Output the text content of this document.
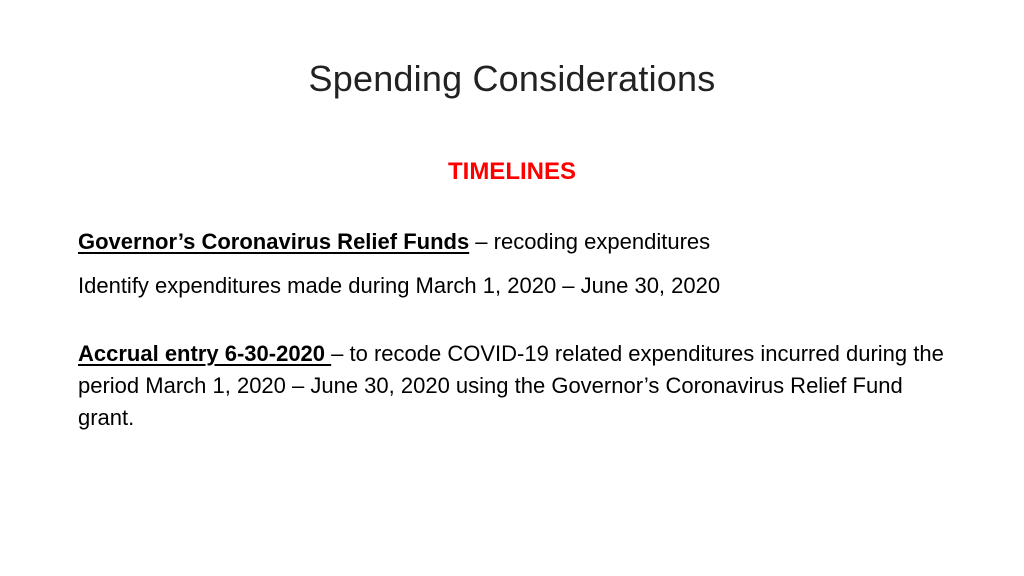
Spending Considerations
TIMELINES

Governor’s Coronavirus Relief Funds – recoding expenditures

Identify expenditures made during March 1, 2020 – June 30, 2020

Accrual entry 6-30-2020 – to recode COVID-19 related expenditures incurred during the period March 1, 2020 – June 30, 2020 using the Governor’s Coronavirus Relief Fund grant.
